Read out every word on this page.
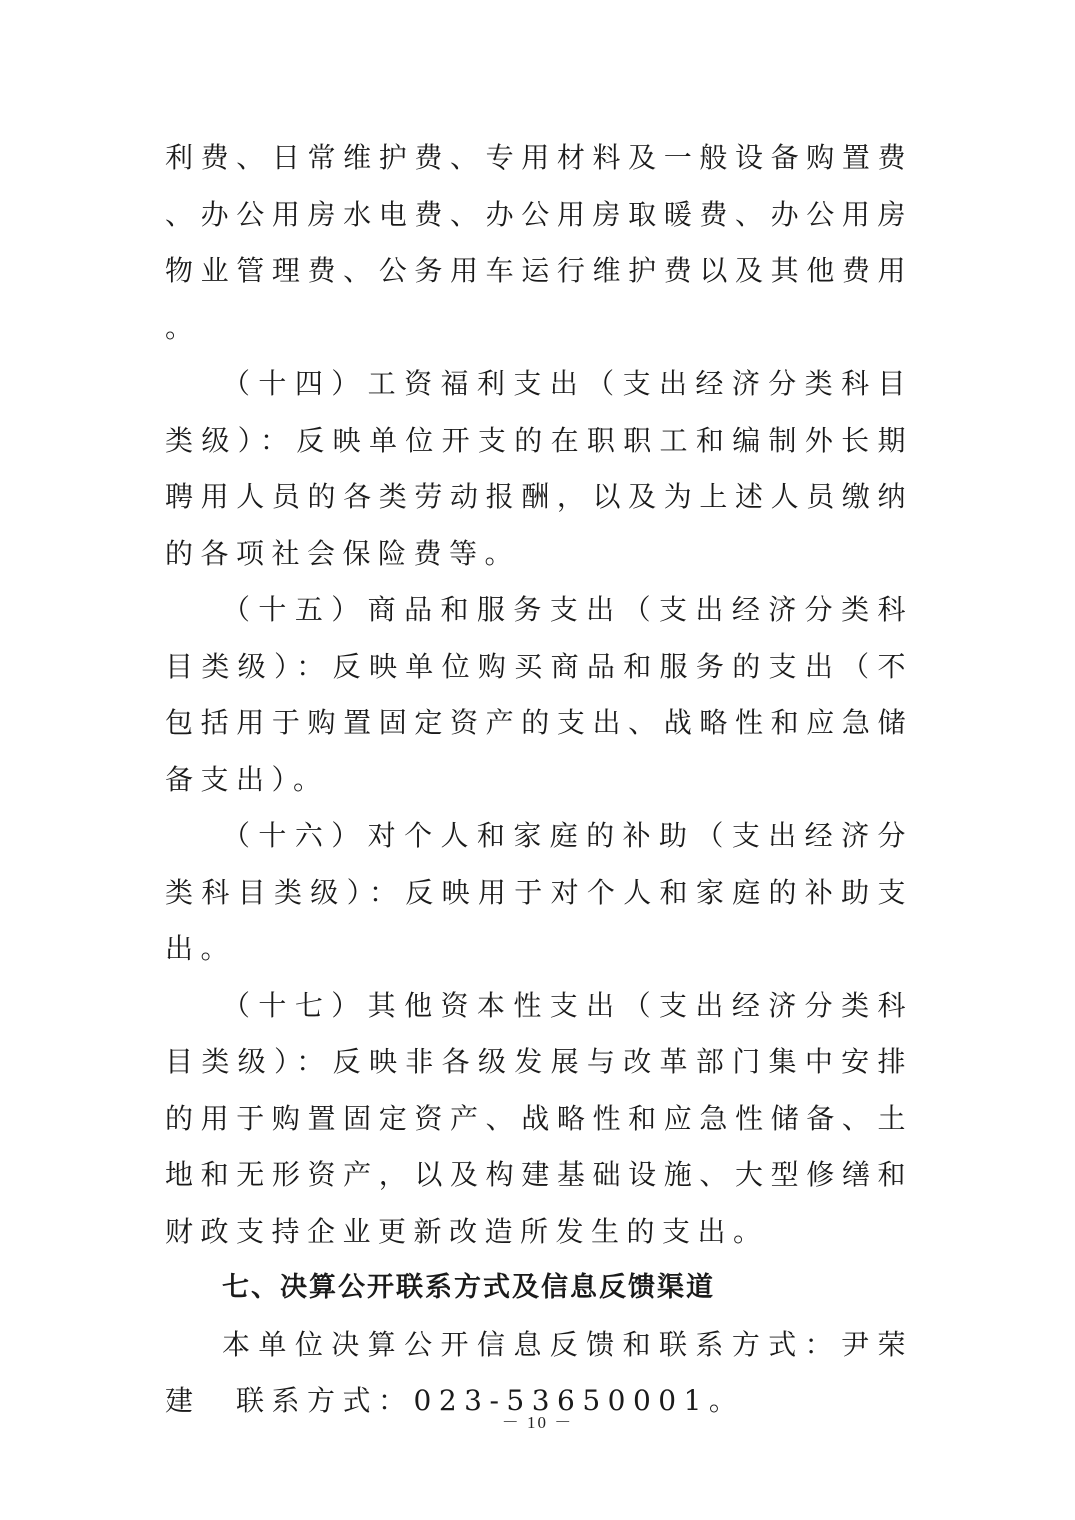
利费、日常维护费、专用材料及一般设备购置费、办公用房水电费、办公用房取暖费、办公用房物业管理费、公务用车运行维护费以及其他费用。

（十四）工资福利支出（支出经济分类科目类级）：反映单位开支的在职职工和编制外长期聘用人员的各类劳动报酬，以及为上述人员缴纳的各项社会保险费等。

（十五）商品和服务支出（支出经济分类科目类级）：反映单位购买商品和服务的支出（不包括用于购置固定资产的支出、战略性和应急储备支出）。

（十六）对个人和家庭的补助（支出经济分类科目类级）：反映用于对个人和家庭的补助支出。

（十七）其他资本性支出（支出经济分类科目类级）：反映非各级发展与改革部门集中安排的用于购置固定资产、战略性和应急性储备、土地和无形资产，以及构建基础设施、大型修缮和财政支持企业更新改造所发生的支出。

七、决算公开联系方式及信息反馈渠道

本单位决算公开信息反馈和联系方式：尹荣建　联系方式：023-53650001。

－ 10 －
